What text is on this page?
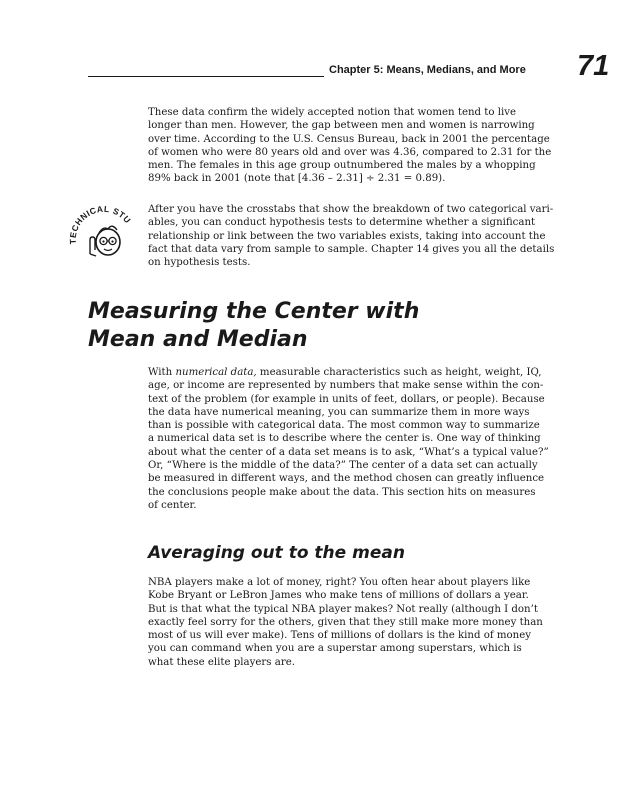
Chapter 5: Means, Medians, and More 71

These data confirm the widely accepted notion that women tend to live
longer than men. However, the gap between men and women is narrowing
over time. According to the U.S. Census Bureau, back in 2001 the percentage
of women who were 80 years old and over was 4.36, compared to 2.31 for the
men. The females in this age group outnumbered the males by a whopping
89% back in 2001 (note that [4.36 – 2.31] ÷ 2.31 = 0.89).

TECHNICAL STU

After you have the crosstabs that show the breakdown of two categorical vari-
ables, you can conduct hypothesis tests to determine whether a significant
relationship or link between the two variables exists, taking into account the
fact that data vary from sample to sample. Chapter 14 gives you all the details
on hypothesis tests.

Measuring the Center with
Mean and Median

With numerical data, measurable characteristics such as height, weight, IQ,
age, or income are represented by numbers that make sense within the con-
text of the problem (for example in units of feet, dollars, or people). Because
the data have numerical meaning, you can summarize them in more ways
than is possible with categorical data. The most common way to summarize
a numerical data set is to describe where the center is. One way of thinking
about what the center of a data set means is to ask, “What’s a typical value?”
Or, “Where is the middle of the data?” The center of a data set can actually
be measured in different ways, and the method chosen can greatly influence
the conclusions people make about the data. This section hits on measures
of center.

Averaging out to the mean

NBA players make a lot of money, right? You often hear about players like
Kobe Bryant or LeBron James who make tens of millions of dollars a year.
But is that what the typical NBA player makes? Not really (although I don’t
exactly feel sorry for the others, given that they still make more money than
most of us will ever make). Tens of millions of dollars is the kind of money
you can command when you are a superstar among superstars, which is
what these elite players are.
